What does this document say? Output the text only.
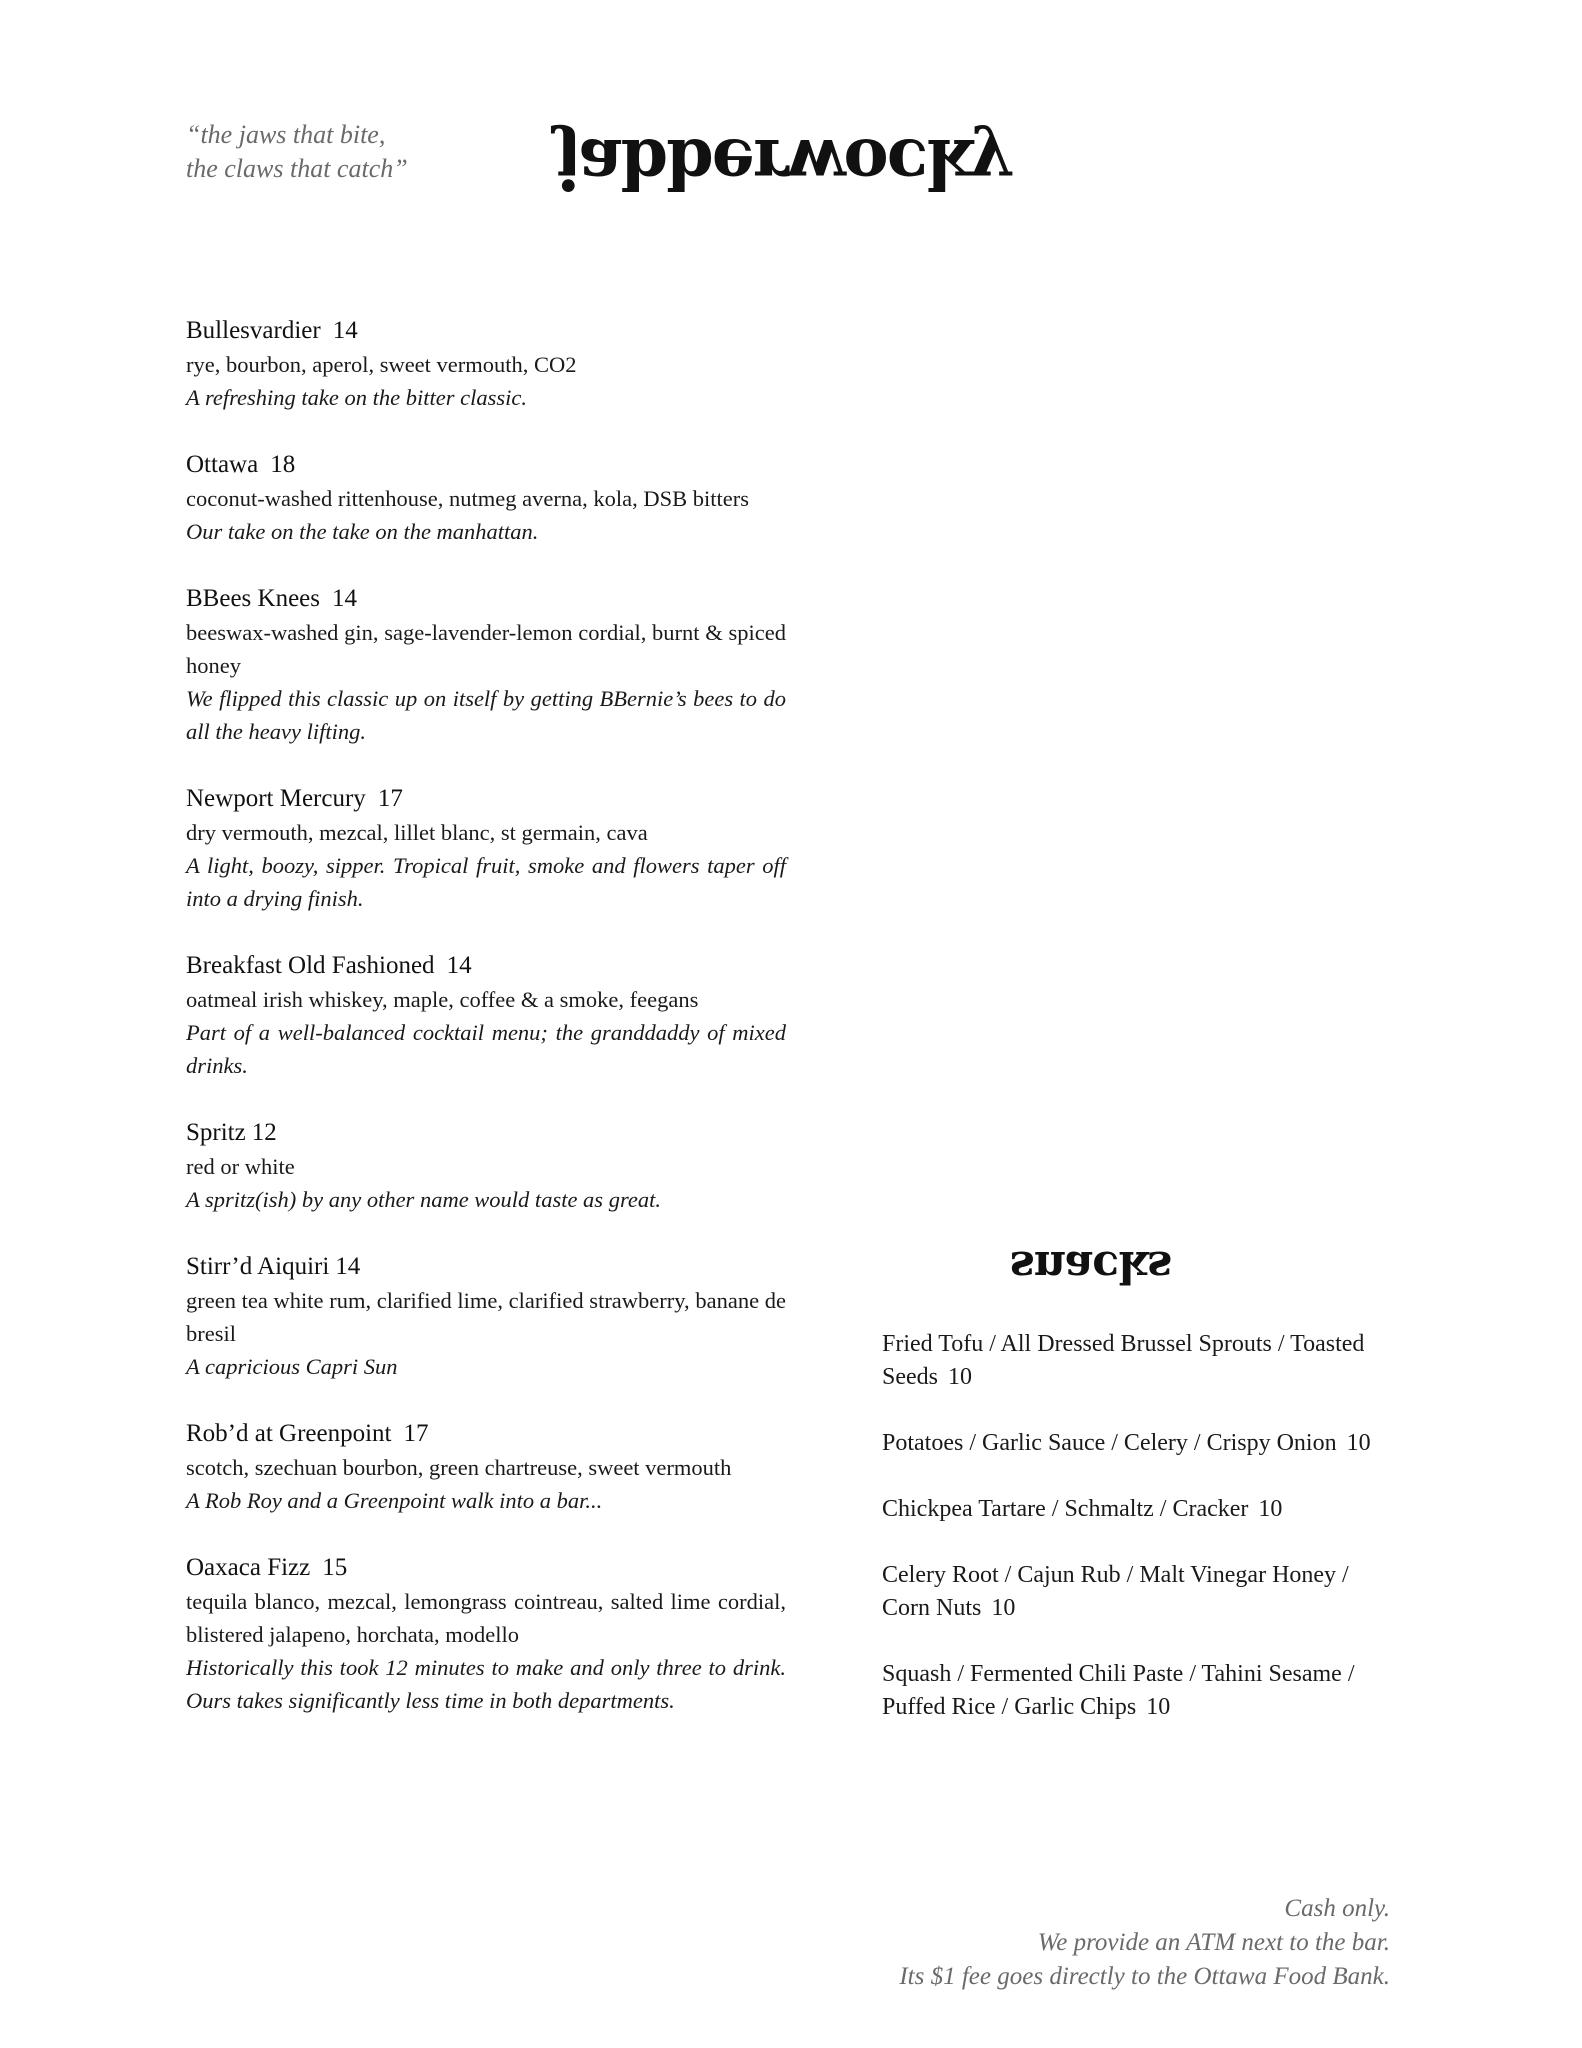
“the jaws that bite,
the claws that catch”	jabberwocky
Bullesvardier 14
rye, bourbon, aperol, sweet vermouth, CO2
A refreshing take on the bitter classic.
Ottawa 18
coconut-washed rittenhouse, nutmeg averna, kola, DSB bitters
Our take on the take on the manhattan.
BBees Knees 14
beeswax-washed gin, sage-lavender-lemon cordial, burnt & spiced honey
We flipped this classic up on itself by getting BBernie’s bees to do all the heavy lifting.
Newport Mercury 17
dry vermouth, mezcal, lillet blanc, st germain, cava
A light, boozy, sipper. Tropical fruit, smoke and flowers taper off into a drying finish.
Breakfast Old Fashioned 14
oatmeal irish whiskey, maple, coffee & a smoke, feegans
Part of a well-balanced cocktail menu; the granddaddy of mixed drinks.
Spritz 12
red or white
A spritz(ish) by any other name would taste as great.
Stirr’d Aiquiri 14
green tea white rum, clarified lime, clarified strawberry, banane de bresil
A capricious Capri Sun
Rob’d at Greenpoint 17
scotch, szechuan bourbon, green chartreuse, sweet vermouth
A Rob Roy and a Greenpoint walk into a bar...
Oaxaca Fizz 15
tequila blanco, mezcal, lemongrass cointreau, salted lime cordial, blistered jalapeno, horchata, modello
Historically this took 12 minutes to make and only three to drink. Ours takes significantly less time in both departments.
snacks
Fried Tofu / All Dressed Brussel Sprouts / Toasted Seeds 10
Potatoes / Garlic Sauce / Celery / Crispy Onion 10
Chickpea Tartare / Schmaltz / Cracker 10
Celery Root / Cajun Rub / Malt Vinegar Honey / Corn Nuts 10
Squash / Fermented Chili Paste / Tahini Sesame / Puffed Rice / Garlic Chips 10
Cash only.
We provide an ATM next to the bar.
Its $1 fee goes directly to the Ottawa Food Bank.
